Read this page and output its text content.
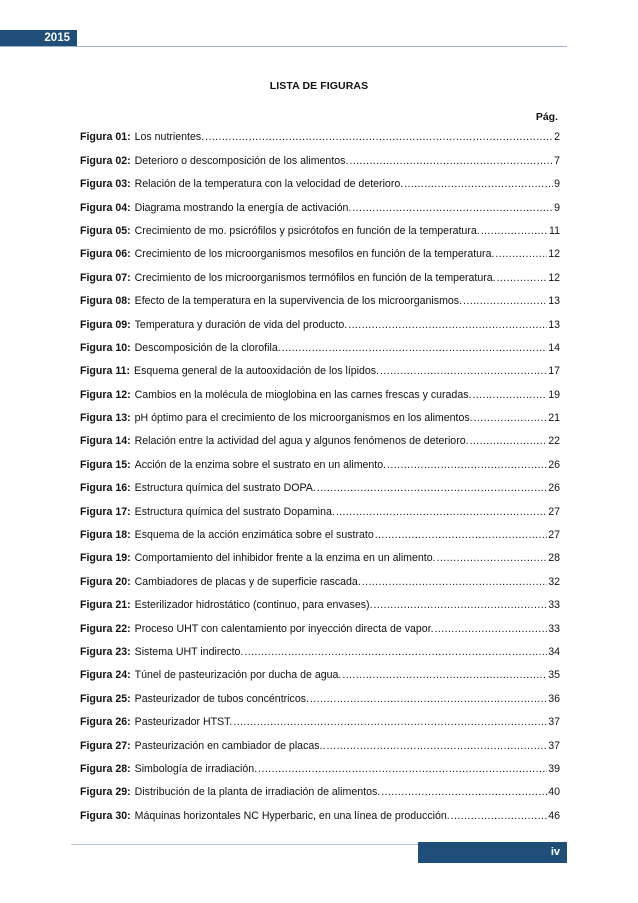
2015
LISTA DE FIGURAS
Pág.
Figura 01: Los nutrientes. .....	2
Figura 02: Deterioro o descomposición de los alimentos. .....	7
Figura 03: Relación de la temperatura con la velocidad de deterioro. .....	9
Figura 04: Diagrama mostrando la energía de activación. .....	9
Figura 05: Crecimiento de mo. psicrófilos y psicrótofos en función de la temperatura. .....	11
Figura 06: Crecimiento de los microorganismos mesofilos en función de la temperatura. .....	12
Figura 07: Crecimiento de los microorganismos termófilos en función de la temperatura. .....	12
Figura 08: Efecto de la temperatura en la supervivencia de los microorganismos. .....	13
Figura 09: Temperatura y duración de vida del producto. .....	13
Figura 10: Descomposición de la clorofila. .....	14
Figura 11: Esquema general de la autooxidación de los lípidos. .....	17
Figura 12: Cambios en la molécula de mioglobina en las carnes frescas y curadas. .....	19
Figura 13: pH óptimo para el crecimiento de los microorganismos en los alimentos. .....	21
Figura 14: Relación entre la actividad del agua y algunos fenómenos de deterioro. .....	22
Figura 15: Acción de la enzima sobre el sustrato en un alimento. .....	26
Figura 16: Estructura química del sustrato DOPA. .....	26
Figura 17: Estructura química del sustrato Dopamina. .....	27
Figura 18: Esquema de la acción enzimática sobre el sustrato .....	27
Figura 19: Comportamiento del inhibidor frente a la enzima en un alimento. .....	28
Figura 20: Cambiadores de placas y de superficie rascada. .....	32
Figura 21: Esterilizador hidrostático (continuo, para envases). .....	33
Figura 22: Proceso UHT con calentamiento por inyección directa de vapor. .....	33
Figura 23: Sistema UHT indirecto. .....	34
Figura 24: Túnel de pasteurización por ducha de agua. .....	35
Figura 25: Pasteurizador de tubos concéntricos. .....	36
Figura 26: Pasteurizador HTST. .....	37
Figura 27: Pasteurización en cambiador de placas.. .....	37
Figura 28: Simbología de irradiación. .....	39
Figura 29: Distribución de la planta de irradiación de alimentos. .....	40
Figura 30: Máquinas horizontales NC Hyperbaric, en una línea de producción. .....	46
iv
